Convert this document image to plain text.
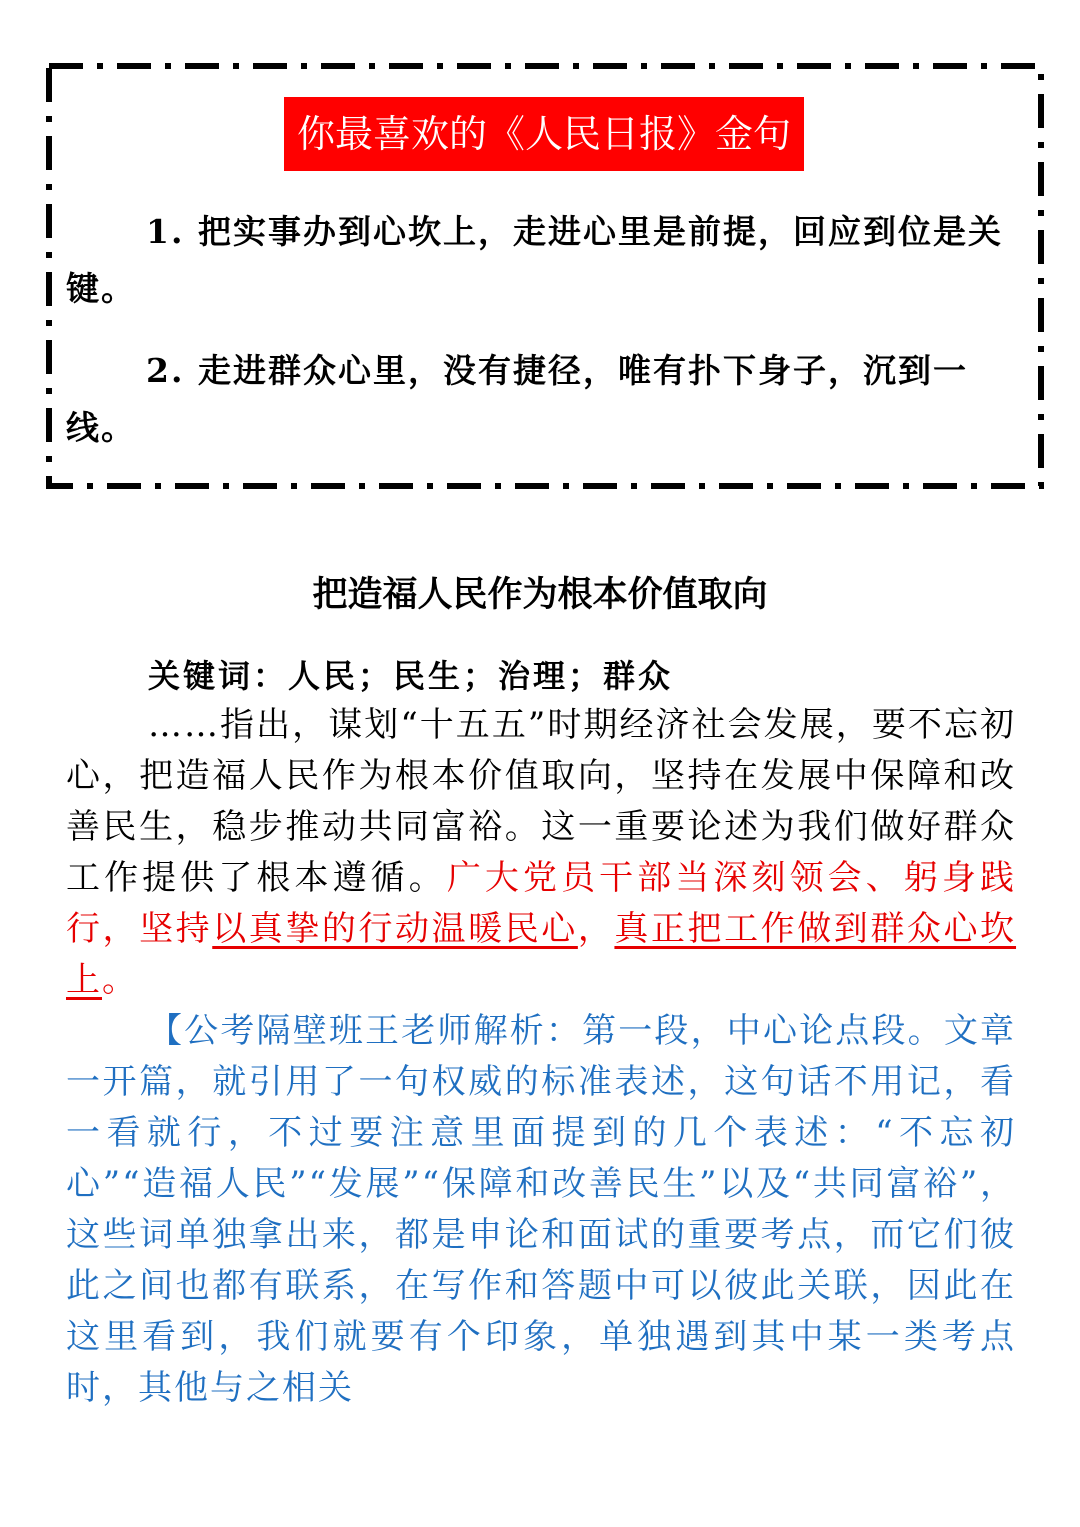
你最喜欢的《人民日报》金句

1. 把实事办到心坎上，走进心里是前提，回应到位是关键。

2. 走进群众心里，没有捷径，唯有扑下身子，沉到一线。

把造福人民作为根本价值取向

关键词：人民；民生；治理；群众

……指出，谋划“十五五”时期经济社会发展，要不忘初心，把造福人民作为根本价值取向，坚持在发展中保障和改善民生，稳步推动共同富裕。这一重要论述为我们做好群众工作提供了根本遵循。广大党员干部当深刻领会、躬身践行，坚持以真挚的行动温暖民心，真正把工作做到群众心坎上。

【公考隔壁班王老师解析：第一段，中心论点段。文章一开篇，就引用了一句权威的标准表述，这句话不用记，看一看就行，不过要注意里面提到的几个表述：“不忘初心”“造福人民”“发展”“保障和改善民生”以及“共同富裕”，这些词单独拿出来，都是申论和面试的重要考点，而它们彼此之间也都有联系，在写作和答题中可以彼此关联，因此在这里看到，我们就要有个印象，单独遇到其中某一类考点时，其他与之相关
